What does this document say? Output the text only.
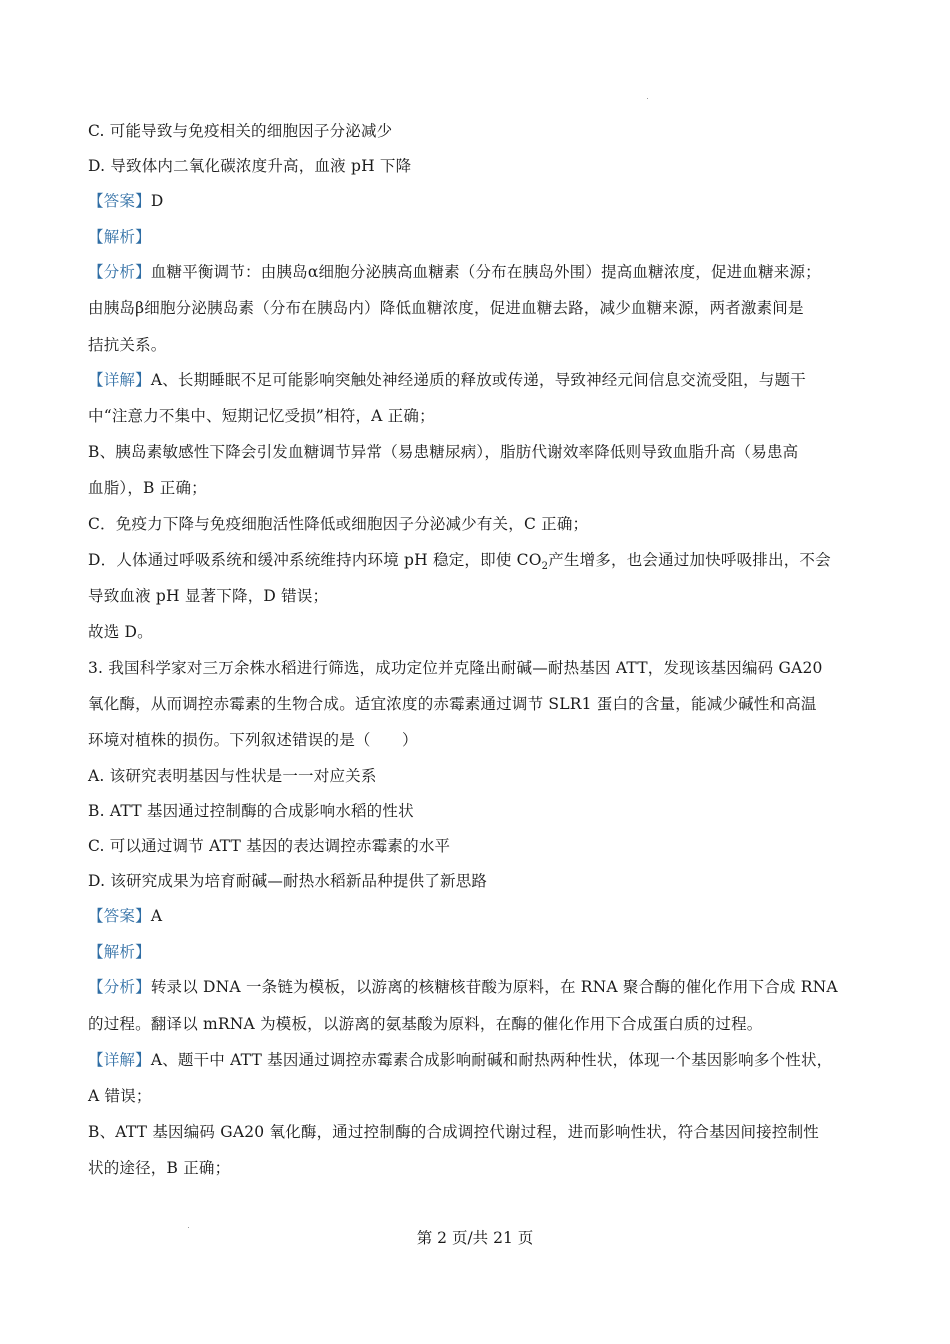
C. 可能导致与免疫相关的细胞因子分泌减少
D. 导致体内二氧化碳浓度升高，血液 pH 下降
【答案】D
【解析】
【分析】血糖平衡调节：由胰岛α细胞分泌胰高血糖素（分布在胰岛外围）提高血糖浓度，促进血糖来源；
由胰岛β细胞分泌胰岛素（分布在胰岛内）降低血糖浓度，促进血糖去路，减少血糖来源，两者激素间是
拮抗关系。
【详解】A、长期睡眠不足可能影响突触处神经递质的释放或传递，导致神经元间信息交流受阻，与题干
中“注意力不集中、短期记忆受损”相符，A 正确；
B、胰岛素敏感性下降会引发血糖调节异常（易患糖尿病），脂肪代谢效率降低则导致血脂升高（易患高
血脂），B 正确；
C．免疫力下降与免疫细胞活性降低或细胞因子分泌减少有关，C 正确；
D．人体通过呼吸系统和缓冲系统维持内环境 pH 稳定，即使 $CO_2$产生增多，也会通过加快呼吸排出，不会
导致血液 pH 显著下降，D 错误；
故选 D。
3. 我国科学家对三万余株水稻进行筛选，成功定位并克隆出耐碱—耐热基因 ATT，发现该基因编码 GA20
氧化酶，从而调控赤霉素的生物合成。适宜浓度的赤霉素通过调节 SLR1 蛋白的含量，能减少碱性和高温
环境对植株的损伤。下列叙述错误的是（　　）
A. 该研究表明基因与性状是一一对应关系
B. ATT 基因通过控制酶的合成影响水稻的性状
C. 可以通过调节 ATT 基因的表达调控赤霉素的水平
D. 该研究成果为培育耐碱—耐热水稻新品种提供了新思路
【答案】A
【解析】
【分析】转录以 DNA 一条链为模板，以游离的核糖核苷酸为原料，在 RNA 聚合酶的催化作用下合成 RNA
的过程。翻译以 mRNA 为模板，以游离的氨基酸为原料，在酶的催化作用下合成蛋白质的过程。
【详解】A、题干中 ATT 基因通过调控赤霉素合成影响耐碱和耐热两种性状，体现一个基因影响多个性状，
A 错误；
B、ATT 基因编码 GA20 氧化酶，通过控制酶的合成调控代谢过程，进而影响性状，符合基因间接控制性
状的途径，B 正确；
第 2 页/共 21 页
